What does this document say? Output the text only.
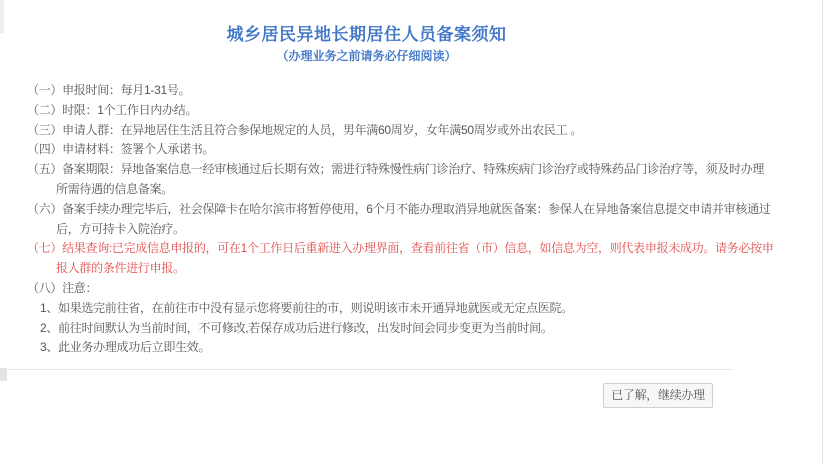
城乡居民异地长期居住人员备案须知
（办理业务之前请务必仔细阅读）
（一）申报时间：每月1-31号。
（二）时限：1个工作日内办结。
（三）申请人群：在异地居住生活且符合参保地规定的人员，男年满60周岁，女年满50周岁或外出农民工 。
（四）申请材料：签署个人承诺书。
（五）备案期限：异地备案信息一经审核通过后长期有效；需进行特殊慢性病门诊治疗、特殊疾病门诊治疗或特殊药品门诊治疗等，须及时办理
所需待遇的信息备案。
（六）备案手续办理完毕后，社会保障卡在哈尔滨市将暂停使用，6个月不能办理取消异地就医备案：参保人在异地备案信息提交申请并审核通过
后，方可持卡入院治疗。
（七）结果查询:已完成信息申报的，可在1个工作日后重新进入办理界面，查看前往省（市）信息，如信息为空，则代表申报未成功。请务必按申
报人群的条件进行申报。
（八）注意：
1、如果选完前往省，在前往市中没有显示您将要前往的市，则说明该市未开通异地就医或无定点医院。
2、前往时间默认为当前时间，不可修改,若保存成功后进行修改，出发时间会同步变更为当前时间。
3、此业务办理成功后立即生效。
已了解，继续办理
